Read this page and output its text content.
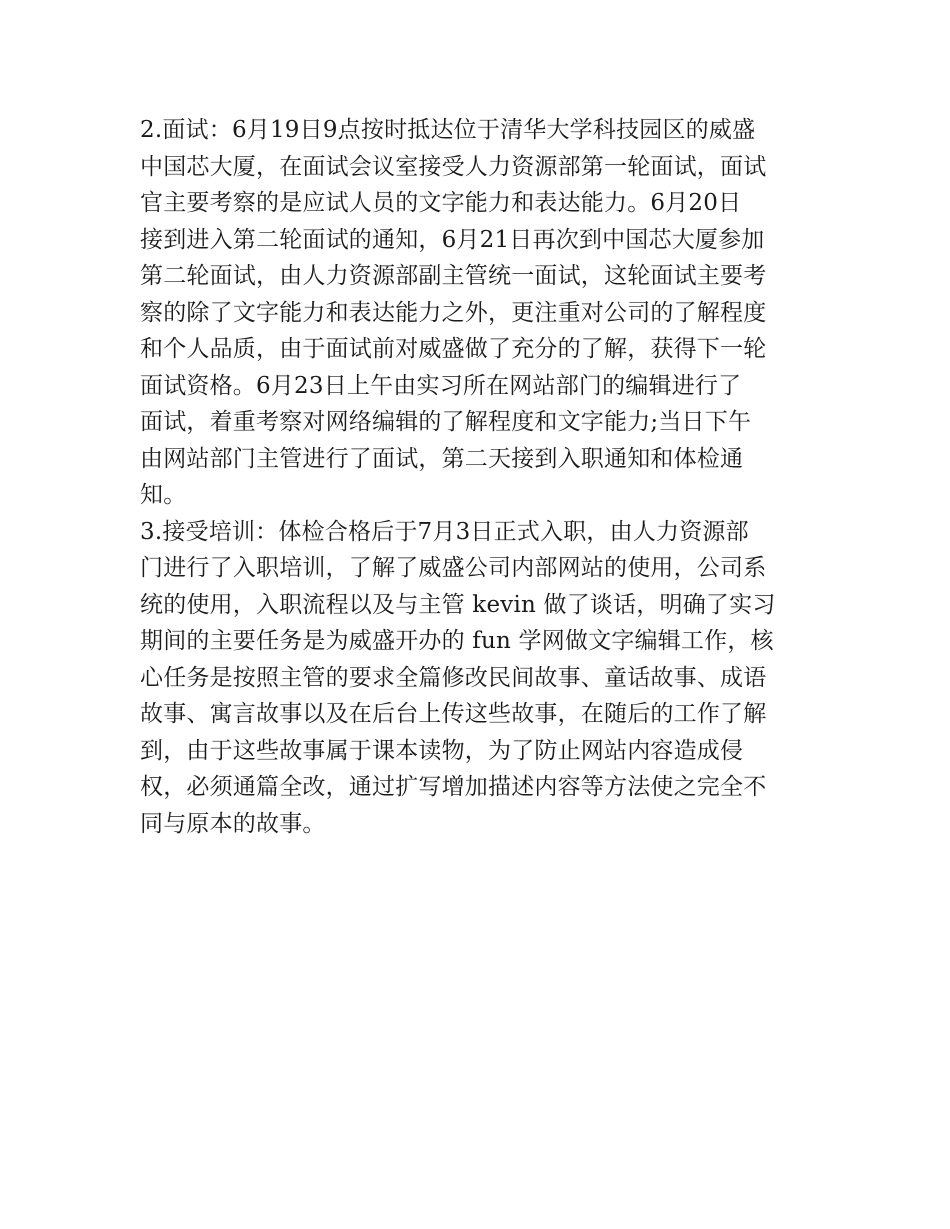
2.面试：6月19日9点按时抵达位于清华大学科技园区的威盛
中国芯大厦，在面试会议室接受人力资源部第一轮面试，面试
官主要考察的是应试人员的文字能力和表达能力。6月20日
接到进入第二轮面试的通知，6月21日再次到中国芯大厦参加
第二轮面试，由人力资源部副主管统一面试，这轮面试主要考
察的除了文字能力和表达能力之外，更注重对公司的了解程度
和个人品质，由于面试前对威盛做了充分的了解，获得下一轮
面试资格。6月23日上午由实习所在网站部门的编辑进行了
面试，着重考察对网络编辑的了解程度和文字能力;当日下午
由网站部门主管进行了面试，第二天接到入职通知和体检通
知。
3.接受培训：体检合格后于7月3日正式入职，由人力资源部
门进行了入职培训，了解了威盛公司内部网站的使用，公司系
统的使用，入职流程以及与主管 kevin 做了谈话，明确了实习
期间的主要任务是为威盛开办的 fun 学网做文字编辑工作，核
心任务是按照主管的要求全篇修改民间故事、童话故事、成语
故事、寓言故事以及在后台上传这些故事，在随后的工作了解
到，由于这些故事属于课本读物，为了防止网站内容造成侵
权，必须通篇全改，通过扩写增加描述内容等方法使之完全不
同与原本的故事。
